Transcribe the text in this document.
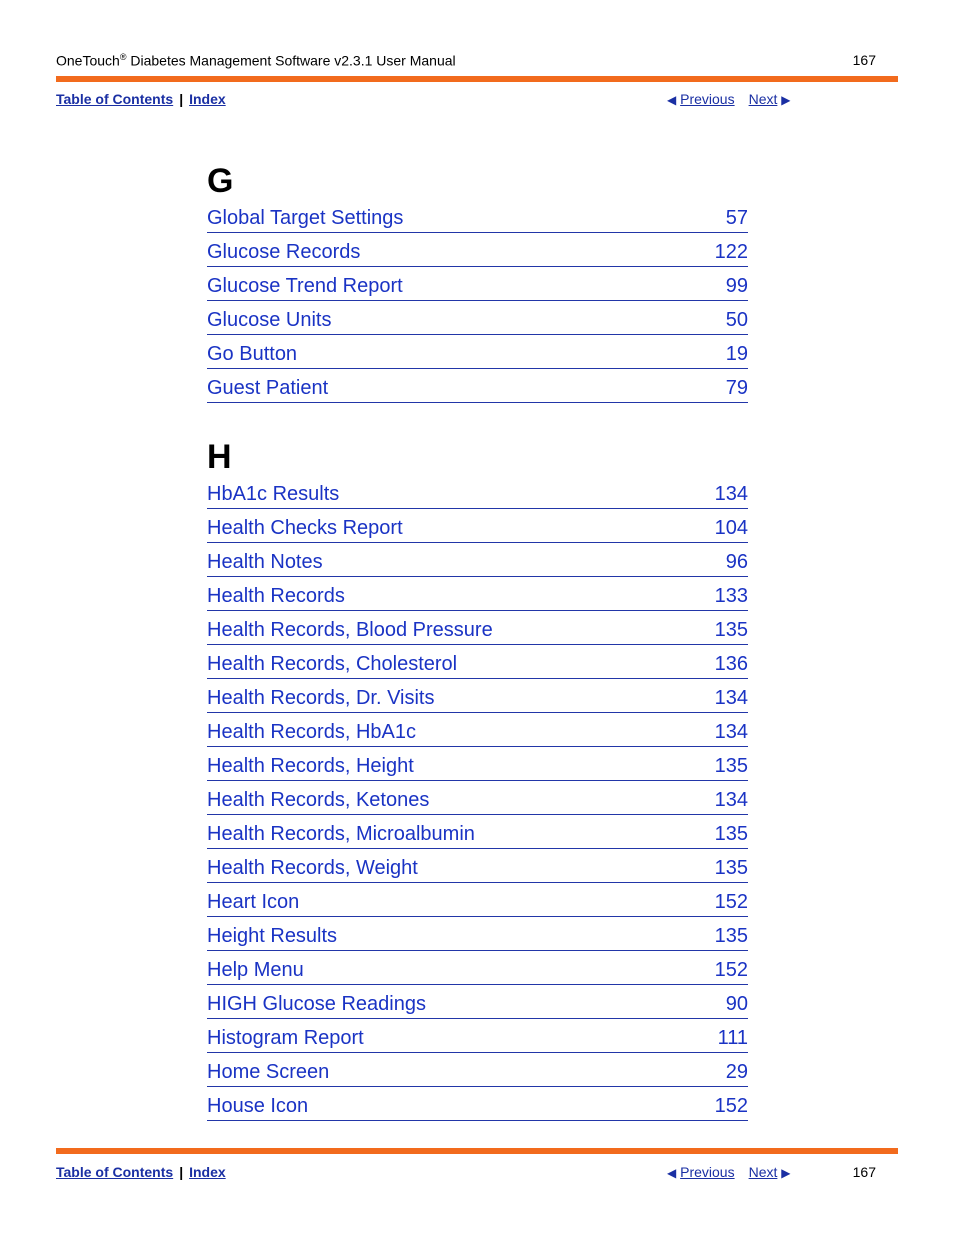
OneTouch® Diabetes Management Software v2.3.1 User Manual	167
Table of Contents | Index	◀ Previous Next ▶
G
Global Target Settings	57
Glucose Records	122
Glucose Trend Report	99
Glucose Units	50
Go Button	19
Guest Patient	79
H
HbA1c Results	134
Health Checks Report	104
Health Notes	96
Health Records	133
Health Records, Blood Pressure	135
Health Records, Cholesterol	136
Health Records, Dr. Visits	134
Health Records, HbA1c	134
Health Records, Height	135
Health Records, Ketones	134
Health Records, Microalbumin	135
Health Records, Weight	135
Heart Icon	152
Height Results	135
Help Menu	152
HIGH Glucose Readings	90
Histogram Report	111
Home Screen	29
House Icon	152
Table of Contents | Index	◀ Previous Next ▶	167
